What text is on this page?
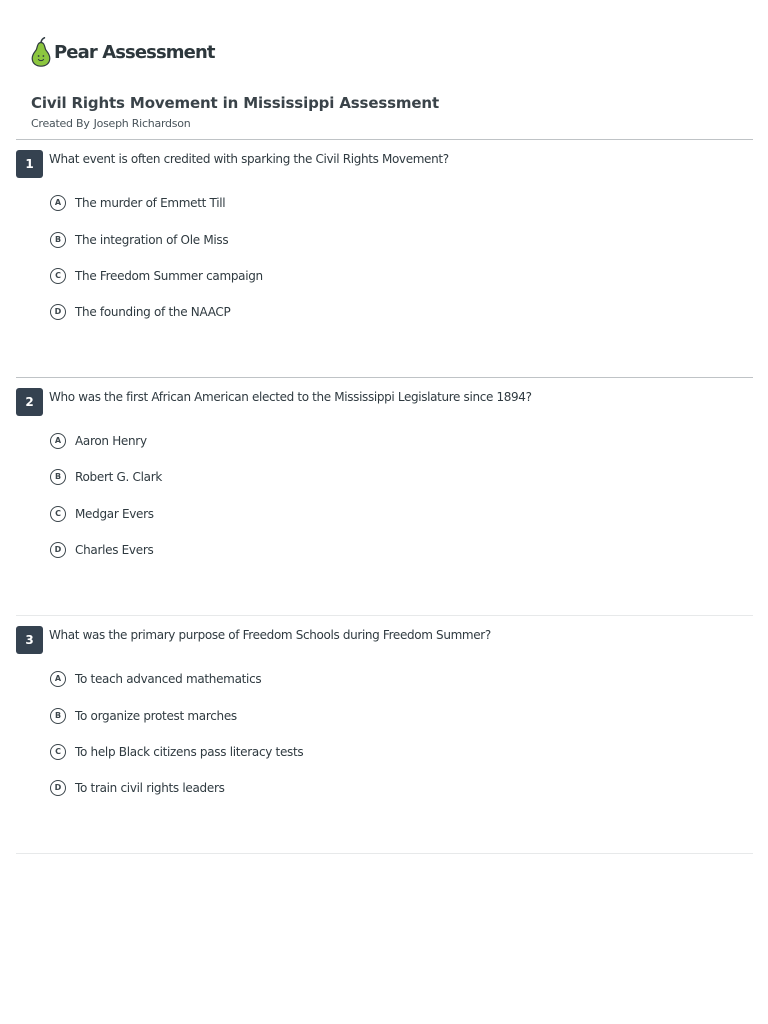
Pear Assessment
Civil Rights Movement in Mississippi Assessment
Created By Joseph Richardson
1	What event is often credited with sparking the Civil Rights Movement?
A	The murder of Emmett Till
B	The integration of Ole Miss
C	The Freedom Summer campaign
D	The founding of the NAACP
2	Who was the first African American elected to the Mississippi Legislature since 1894?
A	Aaron Henry
B	Robert G. Clark
C	Medgar Evers
D	Charles Evers
3	What was the primary purpose of Freedom Schools during Freedom Summer?
A	To teach advanced mathematics
B	To organize protest marches
C	To help Black citizens pass literacy tests
D	To train civil rights leaders
